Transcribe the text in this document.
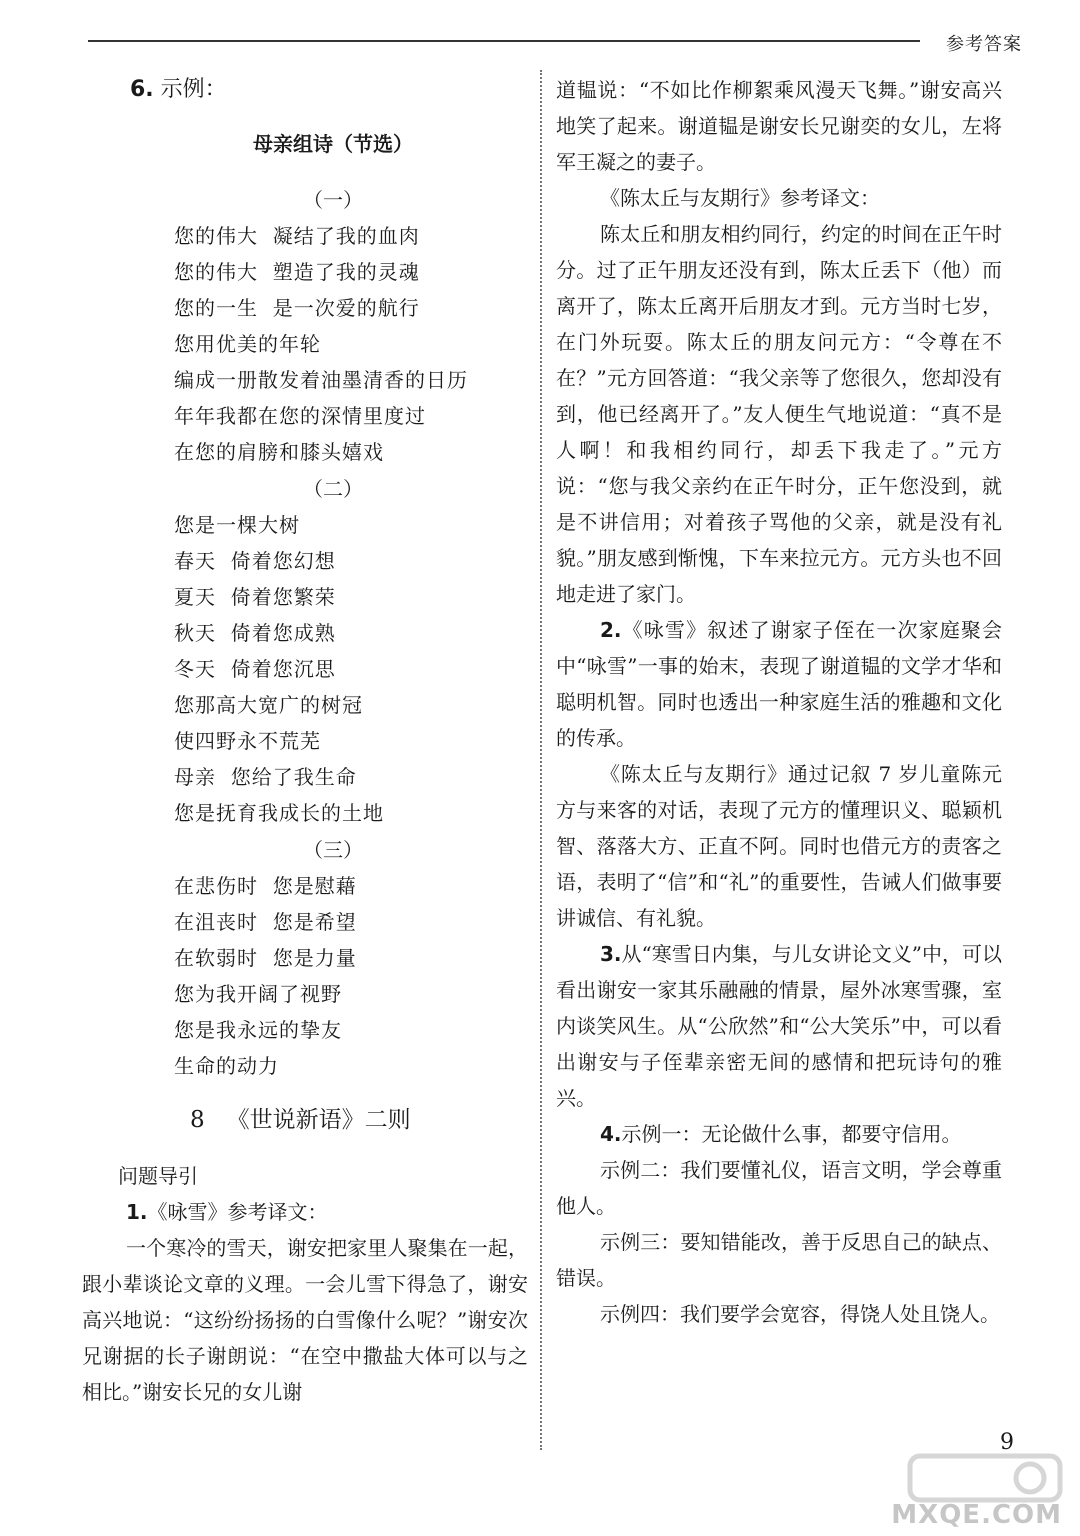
参考答案

6. 示例：

母亲组诗（节选）

（一）

您的伟大  凝结了我的血肉

您的伟大  塑造了我的灵魂

您的一生  是一次爱的航行

您用优美的年轮

编成一册散发着油墨清香的日历

年年我都在您的深情里度过

在您的肩膀和膝头嬉戏

（二）

您是一棵大树

春天  倚着您幻想

夏天  倚着您繁荣

秋天  倚着您成熟

冬天  倚着您沉思

您那高大宽广的树冠

使四野永不荒芜

母亲  您给了我生命

您是抚育我成长的土地

（三）

在悲伤时  您是慰藉

在沮丧时  您是希望

在软弱时  您是力量

您为我开阔了视野

您是我永远的挚友

生命的动力

8   《世说新语》二则

问题导引

1.《咏雪》参考译文：

一个寒冷的雪天，谢安把家里人聚集在一起，跟小辈谈论文章的义理。一会儿雪下得急了，谢安高兴地说：“这纷纷扬扬的白雪像什么呢？”谢安次兄谢据的长子谢朗说：“在空中撒盐大体可以与之相比。”谢安长兄的女儿谢

道韫说：“不如比作柳絮乘风漫天飞舞。”谢安高兴地笑了起来。谢道韫是谢安长兄谢奕的女儿，左将军王凝之的妻子。

《陈太丘与友期行》参考译文：

陈太丘和朋友相约同行，约定的时间在正午时分。过了正午朋友还没有到，陈太丘丢下（他）而离开了，陈太丘离开后朋友才到。元方当时七岁，在门外玩耍。陈太丘的朋友问元方：“令尊在不在？”元方回答道：“我父亲等了您很久，您却没有到，他已经离开了。”友人便生气地说道：“真不是人啊！和我相约同行，却丢下我走了。”元方说：“您与我父亲约在正午时分，正午您没到，就是不讲信用；对着孩子骂他的父亲，就是没有礼貌。”朋友感到惭愧，下车来拉元方。元方头也不回地走进了家门。

2.《咏雪》叙述了谢家子侄在一次家庭聚会中“咏雪”一事的始末，表现了谢道韫的文学才华和聪明机智。同时也透出一种家庭生活的雅趣和文化的传承。

《陈太丘与友期行》通过记叙 7 岁儿童陈元方与来客的对话，表现了元方的懂理识义、聪颖机智、落落大方、正直不阿。同时也借元方的责客之语，表明了“信”和“礼”的重要性，告诫人们做事要讲诚信、有礼貌。

3.从“寒雪日内集，与儿女讲论文义”中，可以看出谢安一家其乐融融的情景，屋外冰寒雪骤，室内谈笑风生。从“公欣然”和“公大笑乐”中，可以看出谢安与子侄辈亲密无间的感情和把玩诗句的雅兴。

4.示例一：无论做什么事，都要守信用。

示例二：我们要懂礼仪，语言文明，学会尊重他人。

示例三：要知错能改，善于反思自己的缺点、错误。

示例四：我们要学会宽容，得饶人处且饶人。

9
MXQE.COM
